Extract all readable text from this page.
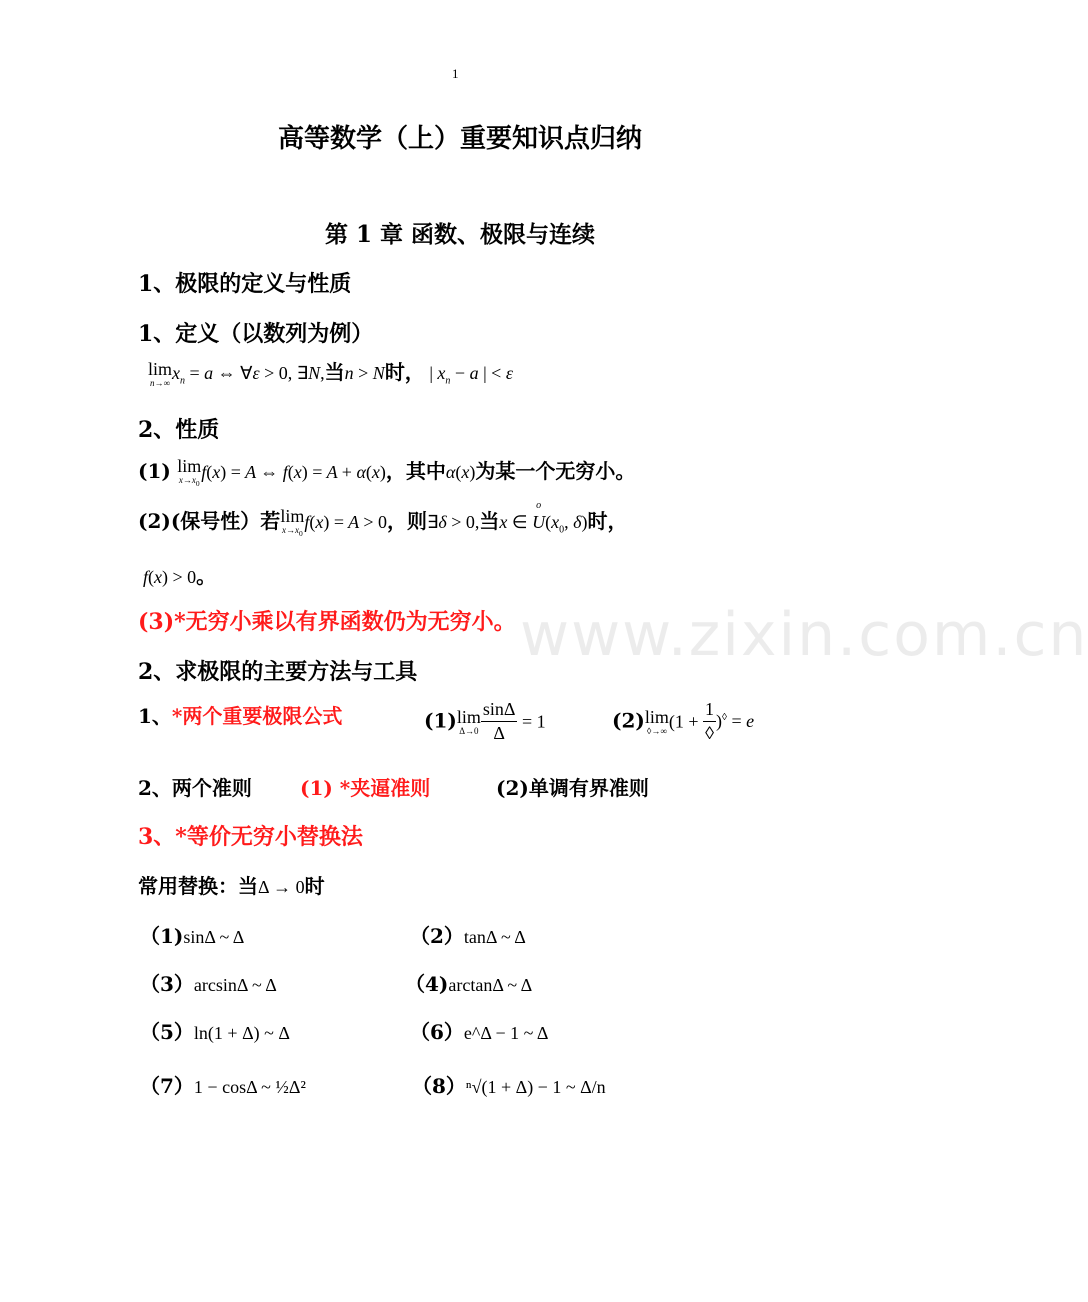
1
高等数学（上）重要知识点归纳
第 1 章 函数、极限与连续
1、极限的定义与性质
1、定义（以数列为例）
lim
n→∞ $x_n = a$ ⇔ ∀ε > 0, ∃N,当n > N时， | $x_n - a$ | < ε
2、性质
(1) lim
$x\to x_0$
f(x) = A ⇔ f(x) = A + α(x)，其中α(x)为某一个无穷小。
(2)(保号性）若 lim
$x\to x_0$
f(x) = A > 0，则∃δ > 0,当x ∈ U
o
($x_0$, δ)时，
f(x) > 0。
www.zixin.com.cn
(3)*无穷小乘以有界函数仍为无穷小。
2、求极限的主要方法与工具
1、*两个重要极限公式	(1) lim
$\Delta\to 0 \frac{\sin\Delta}{\Delta} = 1$	(2) lim
◊→∞ $(1 + \frac{1}{◊} )^◊ = e$
2、两个准则 (1) *夹逼准则	(2)单调有界准则
3、*等价无穷小替换法
常用替换：当Δ → 0时
（1)sinΔ ~ Δ	（2）tanΔ ~ Δ
（3）arcsinΔ ~ Δ	（4)arctanΔ ~ Δ
（5）ln(1 + Δ) ~ Δ	（6）e^Δ − 1 ~ Δ
（7）1 − cosΔ ~ ½Δ²	（8）ⁿ√(1 + Δ) − 1 ~ Δ/n
